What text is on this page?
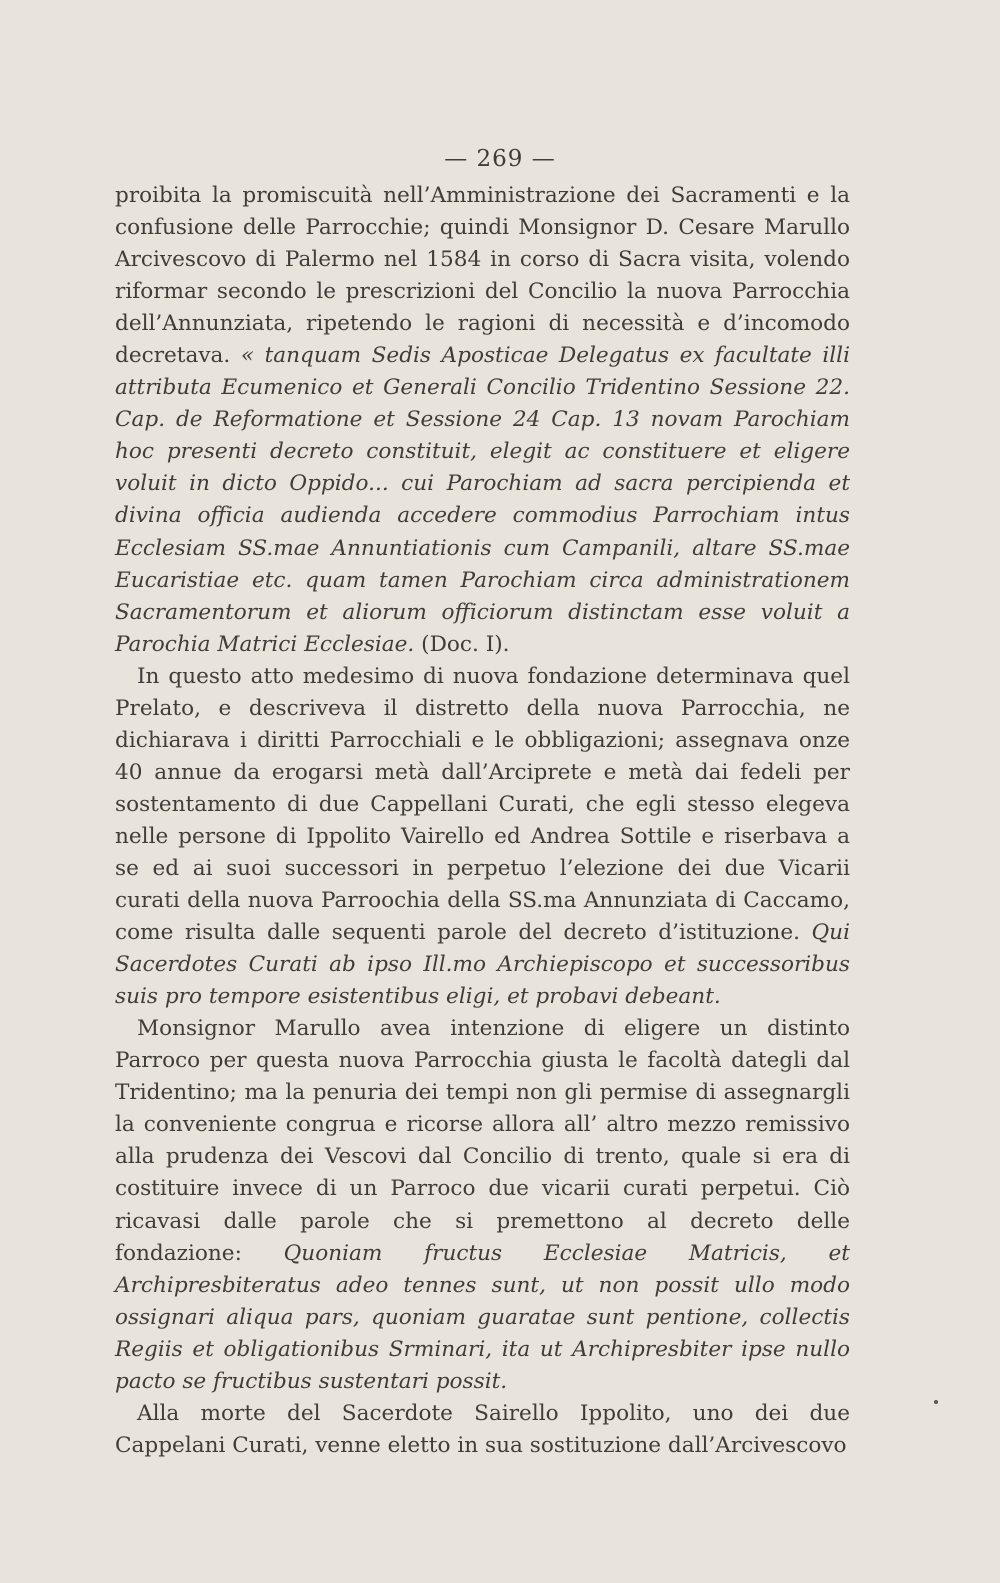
— 269 —

proibita la promiscuità nell’Amministrazione dei Sacramenti e la confusione delle Parrocchie; quindi Monsignor D. Cesare Marullo Arcivescovo di Palermo nel 1584 in corso di Sacra visita, volendo riformar secondo le prescrizioni del Concilio la nuova Parrocchia dell’Annunziata, ripetendo le ragioni di necessità e d’incomodo decretava. « tanquam Sedis Aposticae Delegatus ex facultate illi attributa Ecumenico et Generali Concilio Tridentino Sessione 22. Cap. de Reformatione et Sessione 24 Cap. 13 novam Parochiam hoc presenti decreto constituit, elegit ac constituere et eligere voluit in dicto Oppido... cui Parochiam ad sacra percipienda et divina officia audienda accedere commodius Parrochiam intus Ecclesiam SS.mae Annuntiationis cum Campanili, altare SS.mae Eucaristiae etc. quam tamen Parochiam circa administrationem Sacramentorum et aliorum officiorum distinctam esse voluit a Parochia Matrici Ecclesiae. (Doc. I).

In questo atto medesimo di nuova fondazione determinava quel Prelato, e descriveva il distretto della nuova Parrocchia, ne dichiarava i diritti Parrocchiali e le obbligazioni; assegnava onze 40 annue da erogarsi metà dall’Arciprete e metà dai fedeli per sostentamento di due Cappellani Curati, che egli stesso elegeva nelle persone di Ippolito Vairello ed Andrea Sottile e riserbava a se ed ai suoi successori in perpetuo l’elezione dei due Vicarii curati della nuova Parroochia della SS.ma Annunziata di Caccamo, come risulta dalle sequenti parole del decreto d’istituzione. Qui Sacerdotes Curati ab ipso Ill.mo Archiepiscopo et successoribus suis pro tempore esistentibus eligi, et probavi debeant.

Monsignor Marullo avea intenzione di eligere un distinto Parroco per questa nuova Parrocchia giusta le facoltà dategli dal Tridentino; ma la penuria dei tempi non gli permise di assegnargli la conveniente congrua e ricorse allora all’ altro mezzo remissivo alla prudenza dei Vescovi dal Concilio di trento, quale si era di costituire invece di un Parroco due vicarii curati perpetui. Ciò ricavasi dalle parole che si premettono al decreto delle fondazione: Quoniam fructus Ecclesiae Matricis, et Archipresbiteratus adeo tennes sunt, ut non possit ullo modo ossignari aliqua pars, quoniam guaratae sunt pentione, collectis Regiis et obligationibus Srminari, ita ut Archipresbiter ipse nullo pacto se fructibus sustentari possit.

Alla morte del Sacerdote Sairello Ippolito, uno dei due Cappelani Curati, venne eletto in sua sostituzione dall’Arcivescovo
